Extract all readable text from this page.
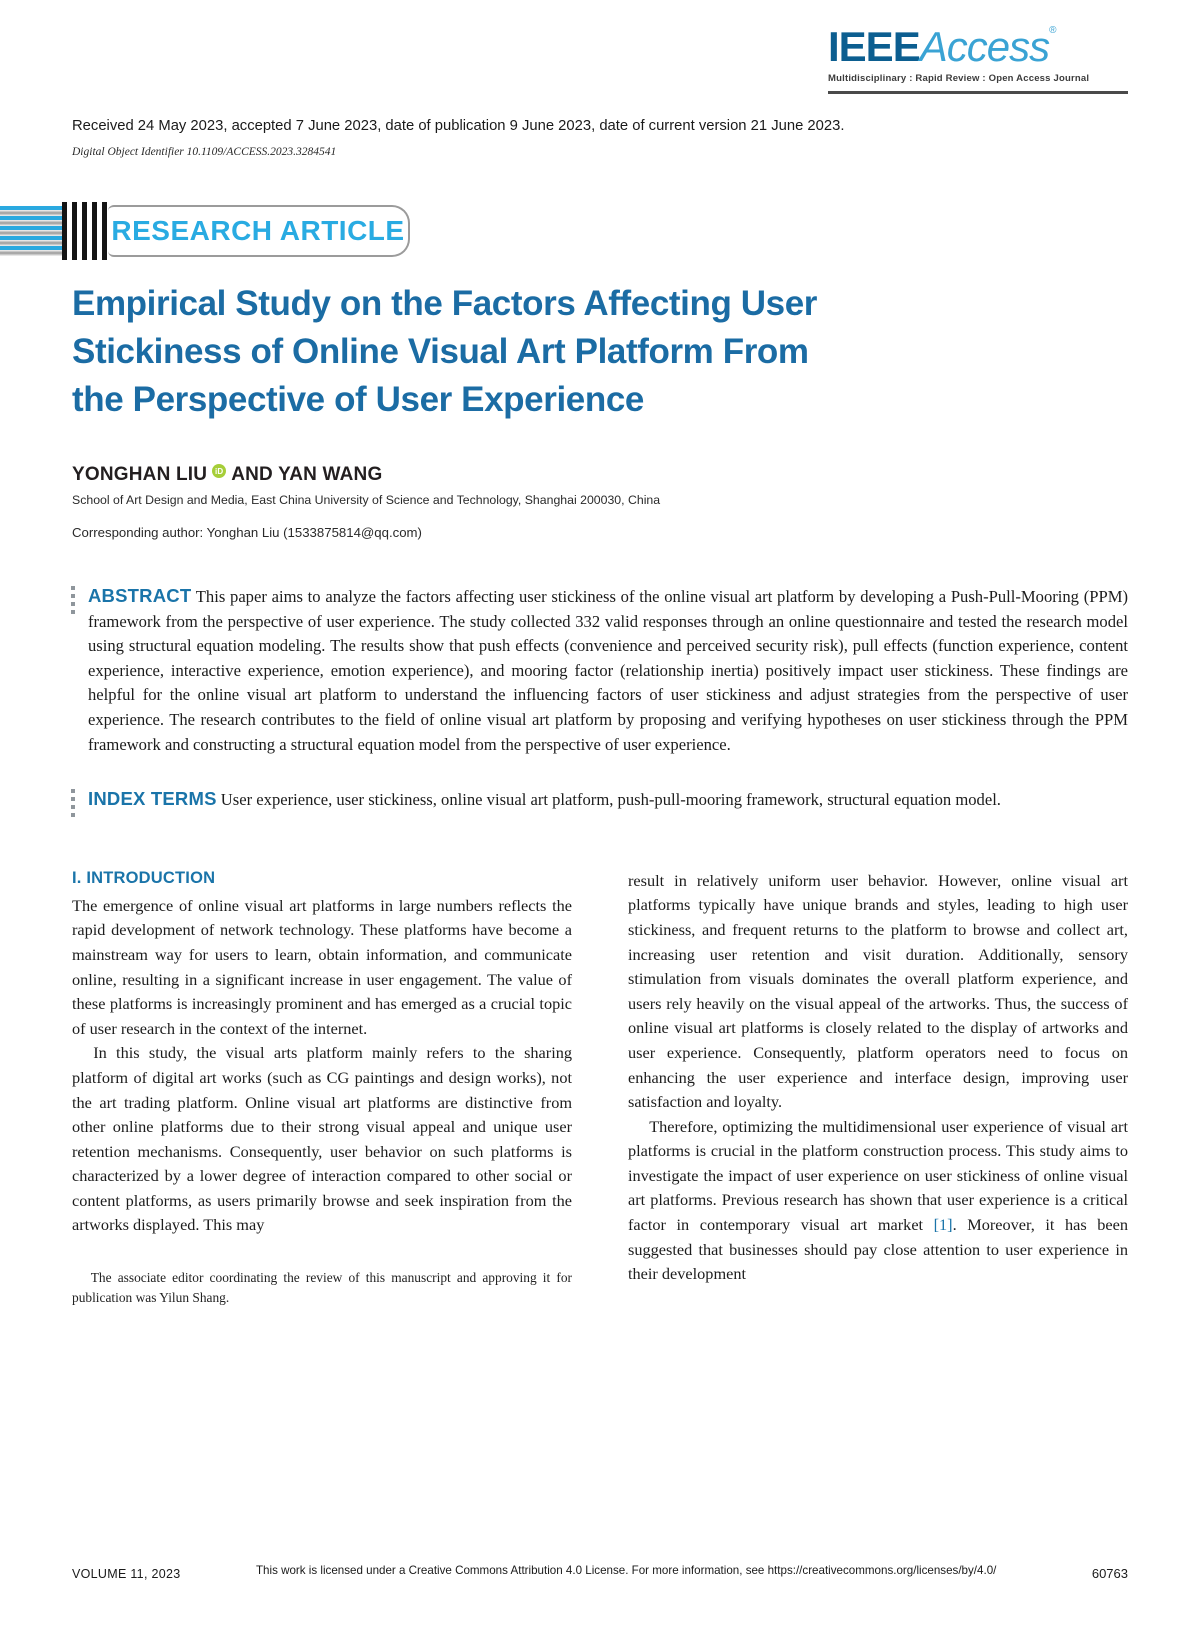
IEEEAccess®
Multidisciplinary : Rapid Review : Open Access Journal
Received 24 May 2023, accepted 7 June 2023, date of publication 9 June 2023, date of current version 21 June 2023.
Digital Object Identifier 10.1109/ACCESS.2023.3284541
RESEARCH ARTICLE
Empirical Study on the Factors Affecting User
Stickiness of Online Visual Art Platform From
the Perspective of User Experience
YONGHAN LIU iD AND YAN WANG
School of Art Design and Media, East China University of Science and Technology, Shanghai 200030, China
Corresponding author: Yonghan Liu (1533875814@qq.com)
ABSTRACT This paper aims to analyze the factors affecting user stickiness of the online visual art platform by developing a Push-Pull-Mooring (PPM) framework from the perspective of user experience. The study collected 332 valid responses through an online questionnaire and tested the research model using structural equation modeling. The results show that push effects (convenience and perceived security risk), pull effects (function experience, content experience, interactive experience, emotion experience), and mooring factor (relationship inertia) positively impact user stickiness. These findings are helpful for the online visual art platform to understand the influencing factors of user stickiness and adjust strategies from the perspective of user experience. The research contributes to the field of online visual art platform by proposing and verifying hypotheses on user stickiness through the PPM framework and constructing a structural equation model from the perspective of user experience.
INDEX TERMS User experience, user stickiness, online visual art platform, push-pull-mooring framework, structural equation model.
I. INTRODUCTION

The emergence of online visual art platforms in large numbers reflects the rapid development of network technology. These platforms have become a mainstream way for users to learn, obtain information, and communicate online, resulting in a significant increase in user engagement. The value of these platforms is increasingly prominent and has emerged as a crucial topic of user research in the context of the internet.

In this study, the visual arts platform mainly refers to the sharing platform of digital art works (such as CG paintings and design works), not the art trading platform. Online visual art platforms are distinctive from other online platforms due to their strong visual appeal and unique user retention mechanisms. Consequently, user behavior on such platforms is characterized by a lower degree of interaction compared to other social or content platforms, as users primarily browse and seek inspiration from the artworks displayed. This may

The associate editor coordinating the review of this manuscript and approving it for publication was Yilun Shang.

result in relatively uniform user behavior. However, online visual art platforms typically have unique brands and styles, leading to high user stickiness, and frequent returns to the platform to browse and collect art, increasing user retention and visit duration. Additionally, sensory stimulation from visuals dominates the overall platform experience, and users rely heavily on the visual appeal of the artworks. Thus, the success of online visual art platforms is closely related to the display of artworks and user experience. Consequently, platform operators need to focus on enhancing the user experience and interface design, improving user satisfaction and loyalty.

Therefore, optimizing the multidimensional user experience of visual art platforms is crucial in the platform construction process. This study aims to investigate the impact of user experience on user stickiness of online visual art platforms. Previous research has shown that user experience is a critical factor in contemporary visual art market [1]. Moreover, it has been suggested that businesses should pay close attention to user experience in their development

VOLUME 11, 2023	This work is licensed under a Creative Commons Attribution 4.0 License. For more information, see https://creativecommons.org/licenses/by/4.0/	60763
